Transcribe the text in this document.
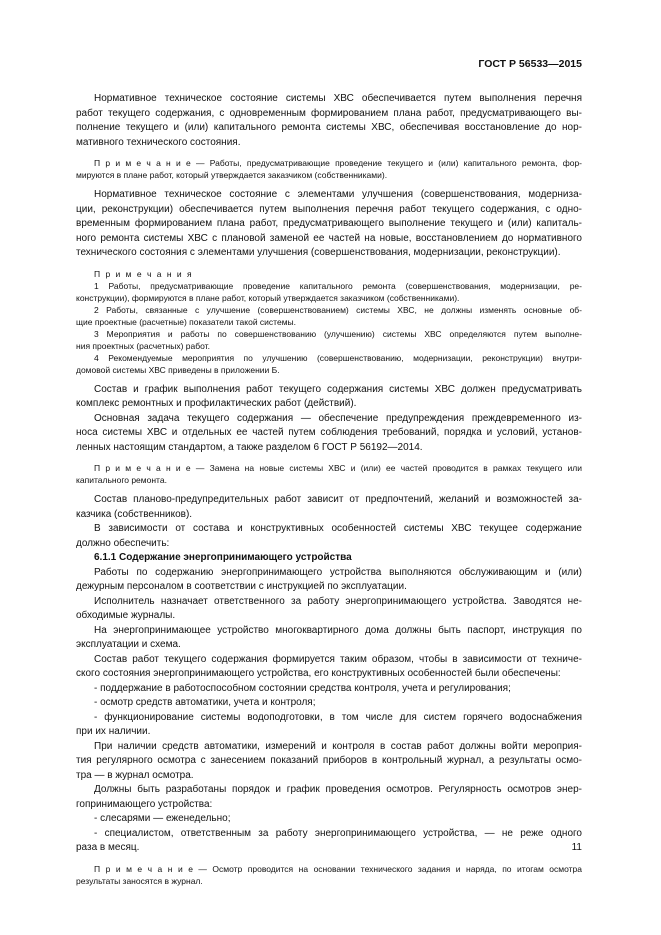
ГОСТ Р 56533—2015
Нормативное техническое состояние системы ХВС обеспечивается путем выполнения перечня
работ текущего содержания, с одновременным формированием плана работ, предусматривающего вы-
полнение текущего и (или) капитального ремонта системы ХВС, обеспечивая восстановление до нор-
мативного технического состояния.
П р и м е ч а н и е — Работы, предусматривающие проведение текущего и (или) капитального ремонта, фор-
мируются в плане работ, который утверждается заказчиком (собственниками).
Нормативное техническое состояние с элементами улучшения (совершенствования, модерниза-
ции, реконструкции) обеспечивается путем выполнения перечня работ текущего содержания, с одно-
временным формированием плана работ, предусматривающего выполнение текущего и (или) капиталь-
ного ремонта системы ХВС с плановой заменой ее частей на новые, восстановлением до нормативного
технического состояния с элементами улучшения (совершенствования, модернизации, реконструкции).
П р и м е ч а н и я
1 Работы, предусматривающие проведение капитального ремонта (совершенствования, модернизации, ре-
конструкции), формируются в плане работ, который утверждается заказчиком (собственниками).
2 Работы, связанные с улучшение (совершенствованием) системы ХВС, не должны изменять основные об-
щие проектные (расчетные) показатели такой системы.
3 Мероприятия и работы по совершенствованию (улучшению) системы ХВС определяются путем выполне-
ния проектных (расчетных) работ.
4 Рекомендуемые мероприятия по улучшению (совершенствованию, модернизации, реконструкции) внутри-
домовой системы ХВС приведены в приложении Б.
Состав и график выполнения работ текущего содержания системы ХВС должен предусматривать
комплекс ремонтных и профилактических работ (действий).
Основная задача текущего содержания — обеспечение предупреждения преждевременного из-
носа системы ХВС и отдельных ее частей путем соблюдения требований, порядка и условий, установ-
ленных настоящим стандартом, а также разделом 6 ГОСТ Р 56192—2014.
П р и м е ч а н и е — Замена на новые системы ХВС и (или) ее частей проводится в рамках текущего или
капитального ремонта.
Состав планово-предупредительных работ зависит от предпочтений, желаний и возможностей за-
казчика (собственников).
В зависимости от состава и конструктивных особенностей системы ХВС текущее содержание
должно обеспечить:
6.1.1 Содержание энергопринимающего устройства
Работы по содержанию энергопринимающего устройства выполняются обслуживающим и (или)
дежурным персоналом в соответствии с инструкцией по эксплуатации.
Исполнитель назначает ответственного за работу энергопринимающего устройства. Заводятся не-
обходимые журналы.
На энергопринимающее устройство многоквартирного дома должны быть паспорт, инструкция по
эксплуатации и схема.
Состав работ текущего содержания формируется таким образом, чтобы в зависимости от техниче-
ского состояния энергопринимающего устройства, его конструктивных особенностей были обеспечены:
- поддержание в работоспособном состоянии средства контроля, учета и регулирования;
- осмотр средств автоматики, учета и контроля;
- функционирование системы водоподготовки, в том числе для систем горячего водоснабжения
при их наличии.
При наличии средств автоматики, измерений и контроля в состав работ должны войти мероприя-
тия регулярного осмотра с занесением показаний приборов в контрольный журнал, а результаты осмо-
тра — в журнал осмотра.
Должны быть разработаны порядок и график проведения осмотров. Регулярность осмотров энер-
гопринимающего устройства:
- слесарями — еженедельно;
- специалистом, ответственным за работу энергопринимающего устройства, — не реже одного
раза в месяц.
П р и м е ч а н и е — Осмотр проводится на основании технического задания и наряда, по итогам осмотра
результаты заносятся в журнал.
11
